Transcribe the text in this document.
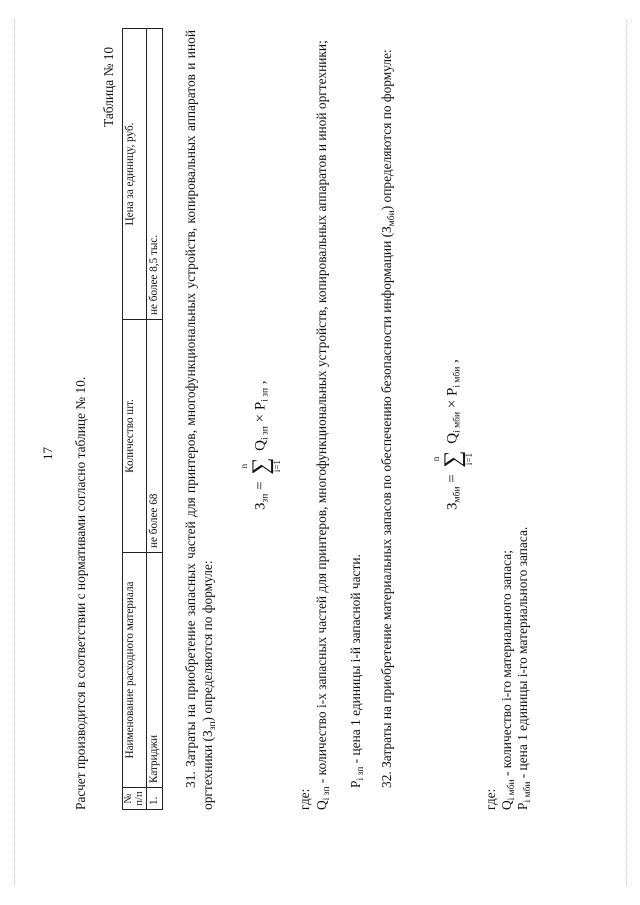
17 Расчет производится в соответствии с нормативами согласно таблице № 10.
Таблица № 10
№ п/п	Наименование расходного материала	Количество шт.	Цена за единицу, руб.
1.	Катриджи	не более 68	не более 8,5 тыс. 31. Затраты на приобретение запасных частей для принтеров, многофункциональных устройств, копировальных аппаратов и иной оргтехники $(З_{зп})$ определяются по формуле:
$З_{зп}$ =
n ∑
i=1
$Q_{i зп} \times P_{i зп}$ ,
где: $Q_{i зп}$ - количество i-х запасных частей для принтеров, многофункциональных устройств, копировальных аппаратов и иной оргтехники;	$P_{i зп}$ - цена 1 единицы i-й запасной части.	32. Затраты на приобретение материальных запасов по обеспечению безопасности информации $(З_{мби})$ определяются по формуле:
$З_{мби}$ =
n ∑
i=1
$Q_{i мби} \times P_{i мби}$ ,
где: $Q_{i мби}$ - количество i-го материального запаса;
$P_{i мби}$ - цена 1 единицы i-го материального запаса.
